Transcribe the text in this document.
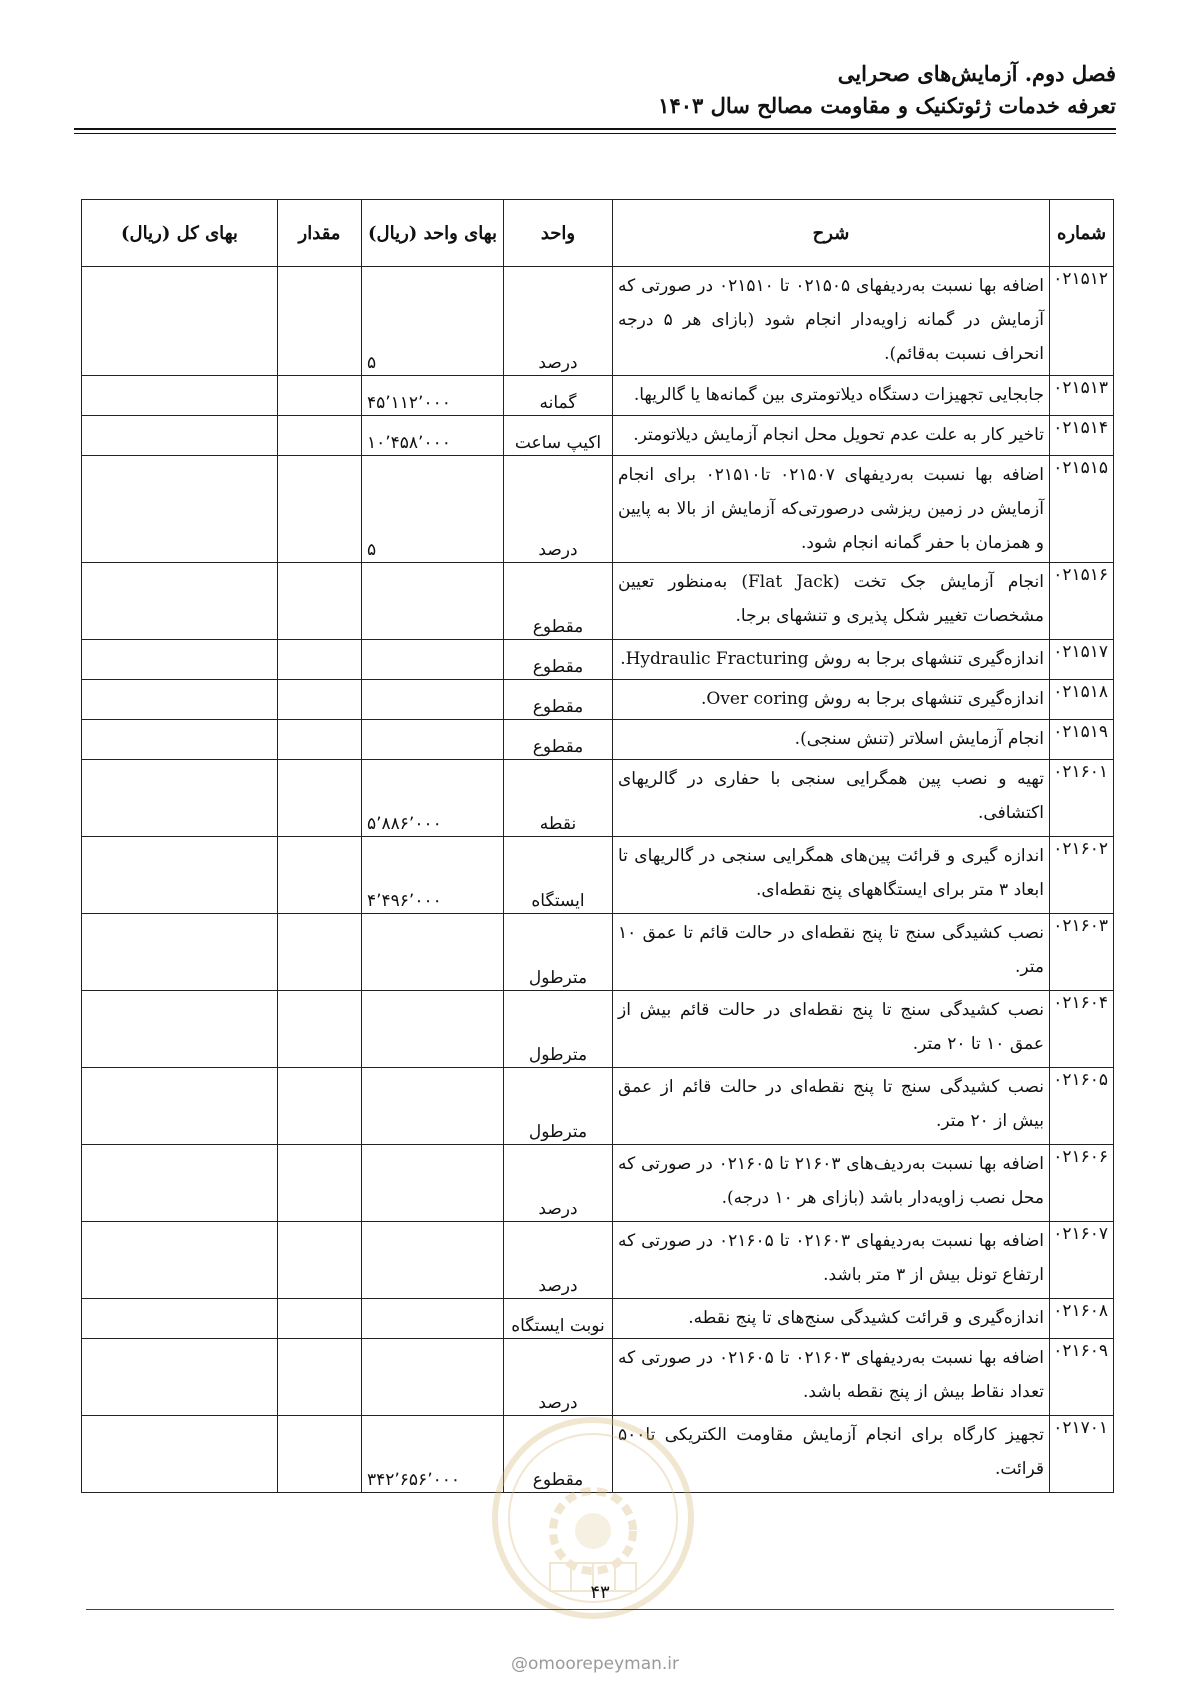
فصل دوم. آزمایش‌های صحرایی
تعرفه خدمات ژئوتکنیک و مقاومت مصالح سال ۱۴۰۳
شماره	شرح	واحد	بهای واحد (ریال)	مقدار	بهای کل (ریال)
۰۲۱۵۱۲	اضافه بها نسبت به‌ردیفهای ۰۲۱۵۰۵ تا ۰۲۱۵۱۰ در صورتی که آزمایش در گمانه زاویه‌دار انجام شود (بازای هر ۵ درجه انحراف نسبت به‌قائم).	درصد	۵		
۰۲۱۵۱۳	جابجایی تجهیزات دستگاه دیلاتومتری بین گمانه‌ها یا گالریها.	گمانه	۴۵٬۱۱۲٬۰۰۰		
۰۲۱۵۱۴	تاخیر کار به علت عدم تحویل محل انجام آزمایش دیلاتومتر.	اکیپ ساعت	۱۰٬۴۵۸٬۰۰۰		
۰۲۱۵۱۵	اضافه بها نسبت به‌ردیفهای ۰۲۱۵۰۷ تا۰۲۱۵۱۰ برای انجام آزمایش در زمین ریزشی درصورتی‌که آزمایش از بالا به پایین و همزمان با حفر گمانه انجام شود.	درصد	۵		
۰۲۱۵۱۶	انجام آزمایش جک تخت (Flat Jack) به‌منظور تعیین مشخصات تغییر شکل پذیری و تنشهای برجا.	مقطوع			
۰۲۱۵۱۷	اندازه‌گیری تنشهای برجا به روش Hydraulic Fracturing.	مقطوع			
۰۲۱۵۱۸	اندازه‌گیری تنشهای برجا به روش Over coring.	مقطوع			
۰۲۱۵۱۹	انجام آزمایش اسلاتر (تنش سنجی).	مقطوع			
۰۲۱۶۰۱	تهیه و نصب پین همگرایی سنجی با حفاری در گالریهای اکتشافی.	نقطه	۵٬۸۸۶٬۰۰۰		
۰۲۱۶۰۲	اندازه گیری و قرائت پین‌های همگرایی سنجی در گالریهای تا ابعاد ۳ متر برای ایستگاههای پنج نقطه‌ای.	ایستگاه	۴٬۴۹۶٬۰۰۰		
۰۲۱۶۰۳	نصب کشیدگی سنج تا پنج نقطه‌ای در حالت قائم تا عمق ۱۰ متر.	مترطول			
۰۲۱۶۰۴	نصب کشیدگی سنج تا پنج نقطه‌ای در حالت قائم بیش از عمق ۱۰ تا ۲۰ متر.	مترطول			
۰۲۱۶۰۵	نصب کشیدگی سنج تا پنج نقطه‌ای در حالت قائم از عمق بیش از ۲۰ متر.	مترطول			
۰۲۱۶۰۶	اضافه بها نسبت به‌ردیف‌های ۲۱۶۰۳ تا ۰۲۱۶۰۵ در صورتی که محل نصب زاویه‌دار باشد (بازای هر ۱۰ درجه).	درصد			
۰۲۱۶۰۷	اضافه بها نسبت به‌ردیفهای ۰۲۱۶۰۳ تا ۰۲۱۶۰۵ در صورتی که ارتفاع تونل بیش از ۳ متر باشد.	درصد			
۰۲۱۶۰۸	اندازه‌گیری و قرائت کشیدگی سنج‌های تا پنج نقطه.	نوبت ایستگاه			
۰۲۱۶۰۹	اضافه بها نسبت به‌ردیفهای ۰۲۱۶۰۳ تا ۰۲۱۶۰۵ در صورتی که تعداد نقاط بیش از پنج نقطه باشد.	درصد			
۰۲۱۷۰۱	تجهیز کارگاه برای انجام آزمایش مقاومت الکتریکی تا۵۰۰ قرائت.	مقطوع	۳۴۲٬۶۵۶٬۰۰۰		
۴۳
@omoorepeyman.ir
